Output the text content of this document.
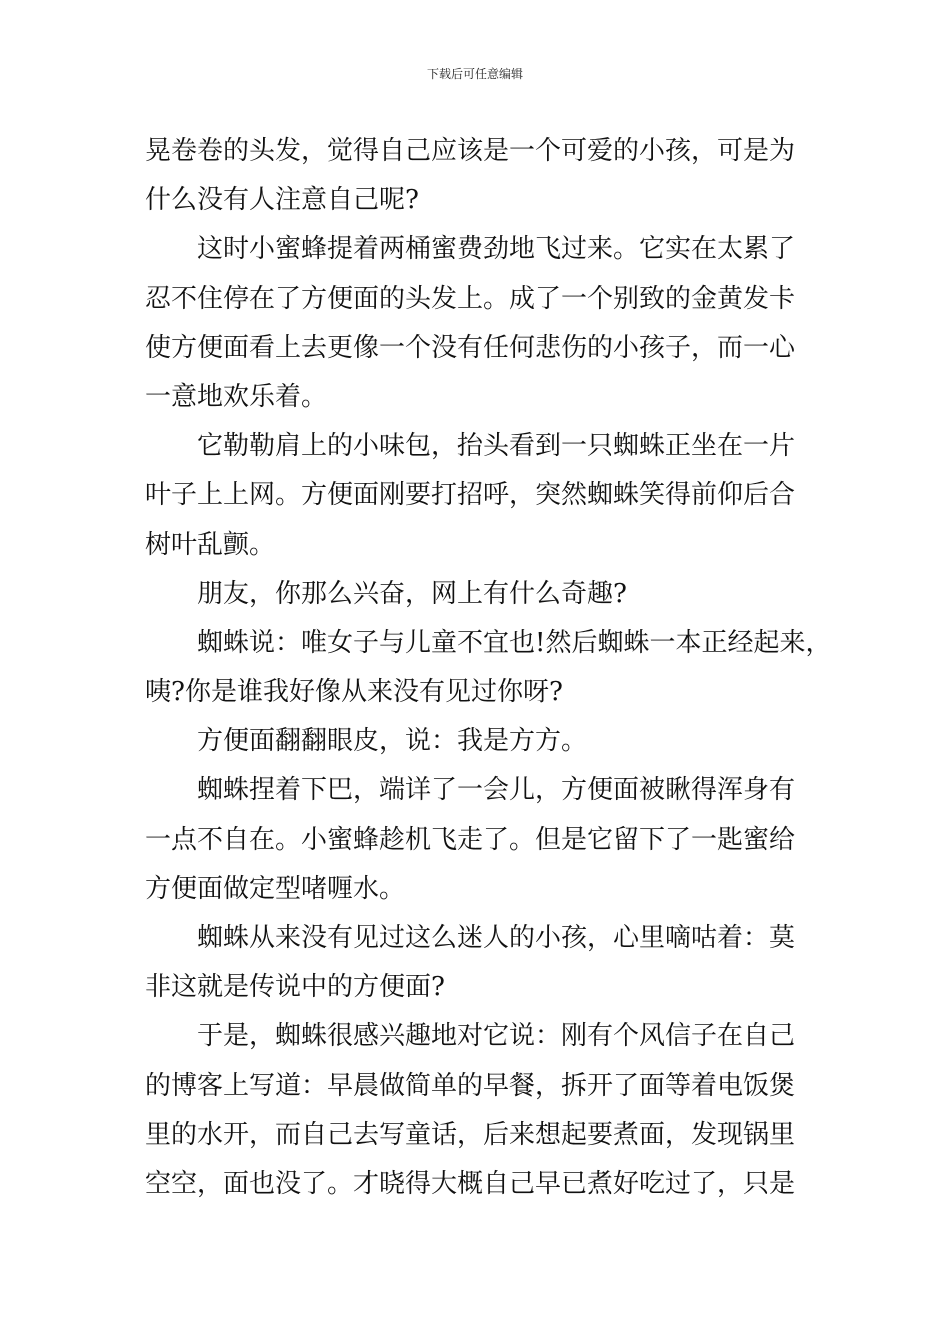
下载后可任意编辑
晃卷卷的头发，觉得自己应该是一个可爱的小孩，可是为
什么没有人注意自己呢?
这时小蜜蜂提着两桶蜜费劲地飞过来。它实在太累了
忍不住停在了方便面的头发上。成了一个别致的金黄发卡
使方便面看上去更像一个没有任何悲伤的小孩子，而一心
一意地欢乐着。
它勒勒肩上的小味包，抬头看到一只蜘蛛正坐在一片
叶子上上网。方便面刚要打招呼，突然蜘蛛笑得前仰后合
树叶乱颤。
朋友，你那么兴奋，网上有什么奇趣?
蜘蛛说：唯女子与儿童不宜也!然后蜘蛛一本正经起来，
咦?你是谁我好像从来没有见过你呀?
方便面翻翻眼皮，说：我是方方。
蜘蛛捏着下巴，端详了一会儿，方便面被瞅得浑身有
一点不自在。小蜜蜂趁机飞走了。但是它留下了一匙蜜给
方便面做定型啫喱水。
蜘蛛从来没有见过这么迷人的小孩，心里嘀咕着：莫
非这就是传说中的方便面?
于是，蜘蛛很感兴趣地对它说：刚有个风信子在自己
的博客上写道：早晨做简单的早餐，拆开了面等着电饭煲
里的水开，而自己去写童话，后来想起要煮面，发现锅里
空空，面也没了。才晓得大概自己早已煮好吃过了，只是
